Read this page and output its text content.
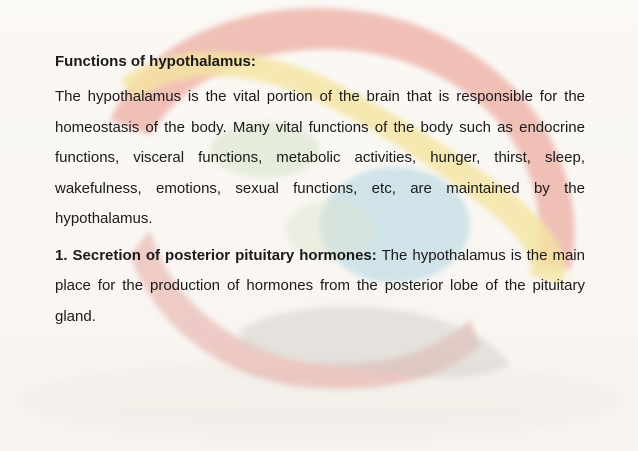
Functions of hypothalamus:

The hypothalamus is the vital portion of the brain that is responsible for the homeostasis of the body. Many vital functions of the body such as endocrine functions, visceral functions, metabolic activities, hunger, thirst, sleep, wakefulness, emotions, sexual functions, etc, are maintained by the hypothalamus.

1. Secretion of posterior pituitary hormones: The hypothalamus is the main place for the production of hormones from the posterior lobe of the pituitary gland.
